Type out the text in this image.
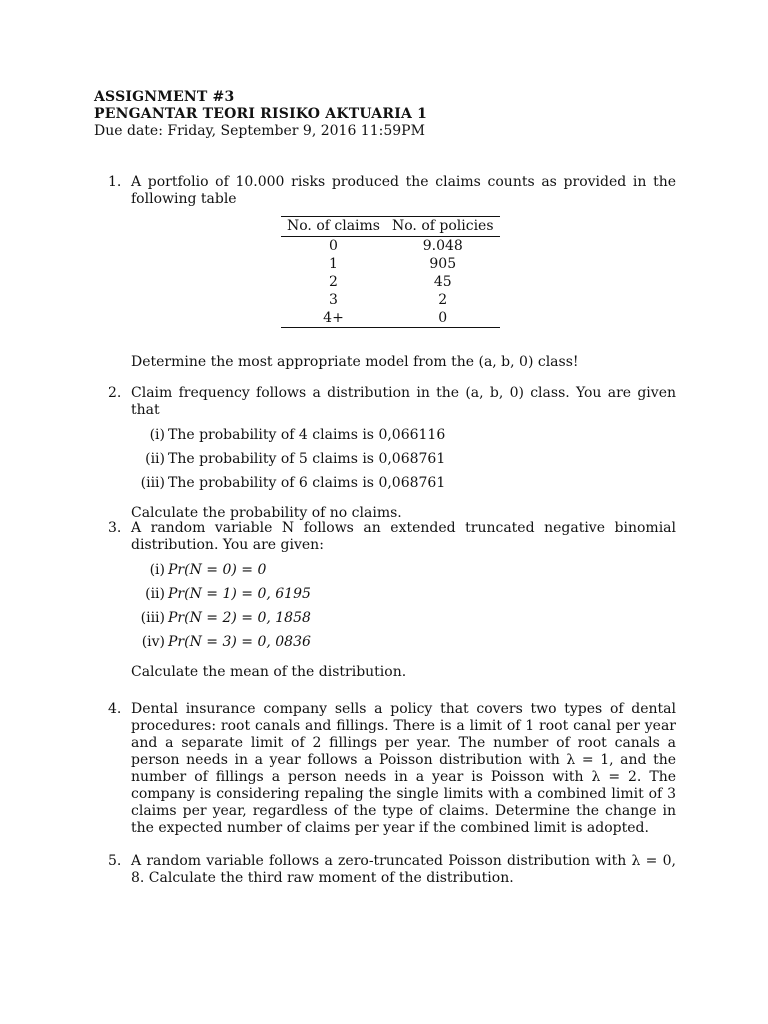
ASSIGNMENT #3
PENGANTAR TEORI RISIKO AKTUARIA 1
Due date: Friday, September 9, 2016 11:59PM
1. A portfolio of 10.000 risks produced the claims counts as provided in the following table

No. of claims	No. of policies
0	9.048
1	905
2	45
3	2
4+	0

Determine the most appropriate model from the (a, b, 0) class!

2. Claim frequency follows a distribution in the (a, b, 0) class. You are given that

(i) The probability of 4 claims is 0,066116
(ii) The probability of 5 claims is 0,068761
(iii) The probability of 6 claims is 0,068761

Calculate the probability of no claims.

3. A random variable N follows an extended truncated negative binomial distribution. You are given:

(i) Pr(N = 0) = 0
(ii) Pr(N = 1) = 0, 6195
(iii) Pr(N = 2) = 0, 1858
(iv) Pr(N = 3) = 0, 0836

Calculate the mean of the distribution.

4. Dental insurance company sells a policy that covers two types of dental procedures: root canals and fillings. There is a limit of 1 root canal per year and a separate limit of 2 fillings per year. The number of root canals a person needs in a year follows a Poisson distribution with λ = 1, and the number of fillings a person needs in a year is Poisson with λ = 2. The company is considering repaling the single limits with a combined limit of 3 claims per year, regardless of the type of claims. Determine the change in the expected number of claims per year if the combined limit is adopted.

5. A random variable follows a zero-truncated Poisson distribution with λ = 0, 8. Calculate the third raw moment of the distribution.
